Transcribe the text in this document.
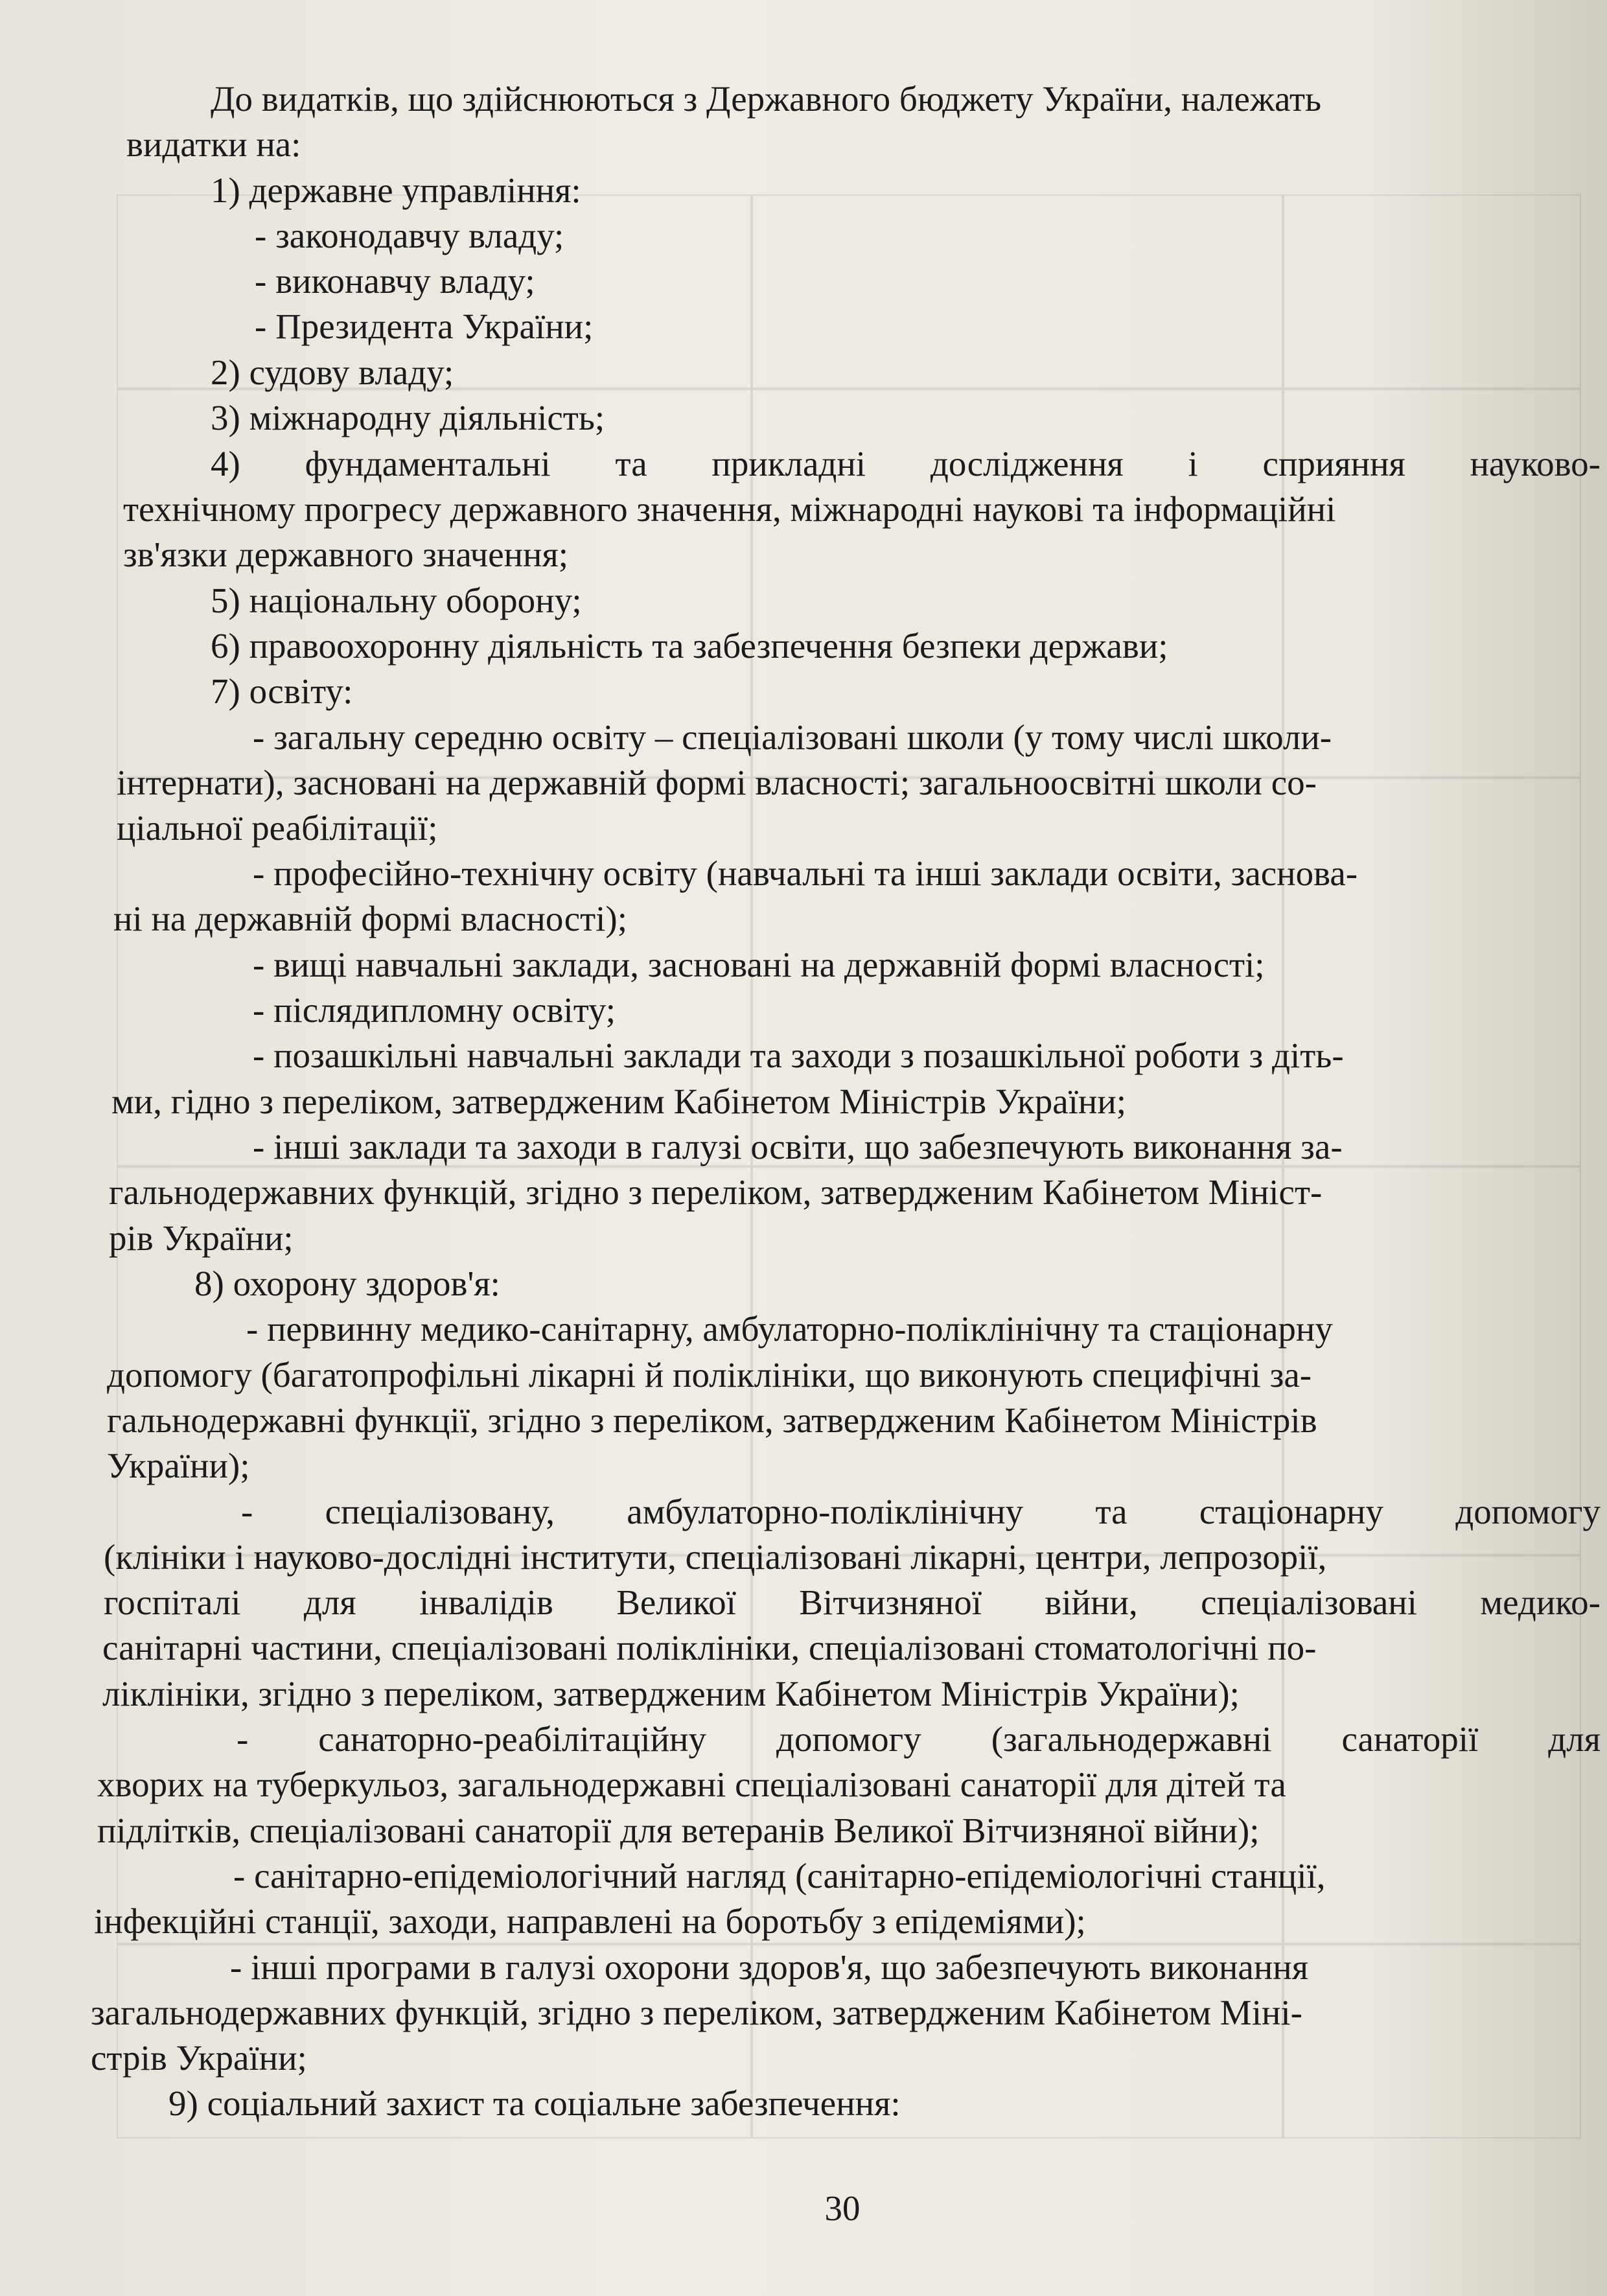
До видатків, що здійснюються з Державного бюджету України, належать
видатки на:
1) державне управління:
- законодавчу владу;
- виконавчу владу;
- Президента України;
2) судову владу;
3) міжнародну діяльність;
4) фундаментальні та прикладні дослідження і сприяння науково-
технічному прогресу державного значення, міжнародні наукові та інформаційні
зв'язки державного значення;
5) національну оборону;
6) правоохоронну діяльність та забезпечення безпеки держави;
7) освіту:
- загальну середню освіту – спеціалізовані школи (у тому числі школи-
інтернати), засновані на державній формі власності; загальноосвітні школи со-
ціальної реабілітації;
- професійно-технічну освіту (навчальні та інші заклади освіти, заснова-
ні на державній формі власності);
- вищі навчальні заклади, засновані на державній формі власності;
- післядипломну освіту;
- позашкільні навчальні заклади та заходи з позашкільної роботи з діть-
ми, гідно з переліком, затвердженим Кабінетом Міністрів України;
- інші заклади та заходи в галузі освіти, що забезпечують виконання за-
гальнодержавних функцій, згідно з переліком, затвердженим Кабінетом Мініст-
рів України;
8) охорону здоров'я:
- первинну медико-санітарну, амбулаторно-поліклінічну та стаціонарну
допомогу (багатопрофільні лікарні й поліклініки, що виконують специфічні за-
гальнодержавні функції, згідно з переліком, затвердженим Кабінетом Міністрів
України);
- спеціалізовану, амбулаторно-поліклінічну та стаціонарну допомогу
(клініки і науково-дослідні інститути, спеціалізовані лікарні, центри, лепрозорії,
госпіталі для інвалідів Великої Вітчизняної війни, спеціалізовані медико-
санітарні частини, спеціалізовані поліклініки, спеціалізовані стоматологічні по-
ліклініки, згідно з переліком, затвердженим Кабінетом Міністрів України);
- санаторно-реабілітаційну допомогу (загальнодержавні санаторії для
хворих на туберкульоз, загальнодержавні спеціалізовані санаторії для дітей та
підлітків, спеціалізовані санаторії для ветеранів Великої Вітчизняної війни);
- санітарно-епідеміологічний нагляд (санітарно-епідеміологічні станції,
інфекційні станції, заходи, направлені на боротьбу з епідеміями);
- інші програми в галузі охорони здоров'я, що забезпечують виконання
загальнодержавних функцій, згідно з переліком, затвердженим Кабінетом Міні-
стрів України;
9) соціальний захист та соціальне забезпечення:
30
